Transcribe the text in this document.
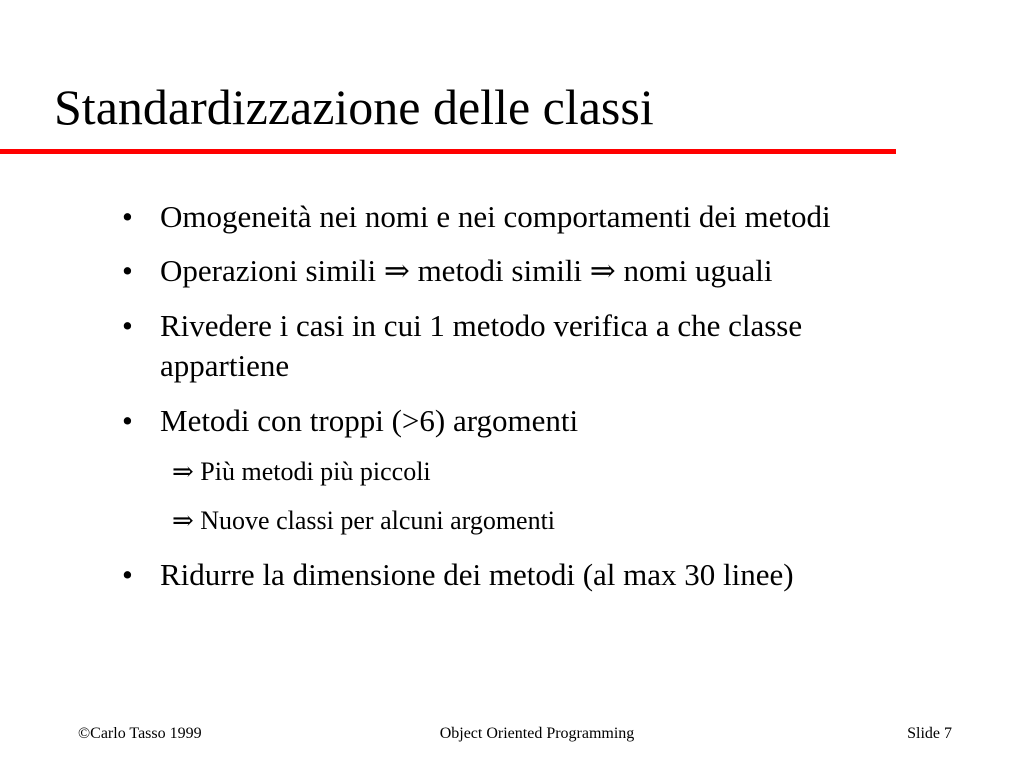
Standardizzazione delle classi
• Omogeneità nei nomi e nei comportamenti dei metodi
• Operazioni simili ⇒ metodi simili ⇒ nomi uguali
• Rivedere i casi in cui 1 metodo verifica a che classe
appartiene
• Metodi con troppi (>6) argomenti
⇒ Più metodi più piccoli
⇒ Nuove classi per alcuni argomenti
• Ridurre la dimensione dei metodi (al max 30 linee)
©Carlo Tasso 1999	Object Oriented Programming	Slide 7
